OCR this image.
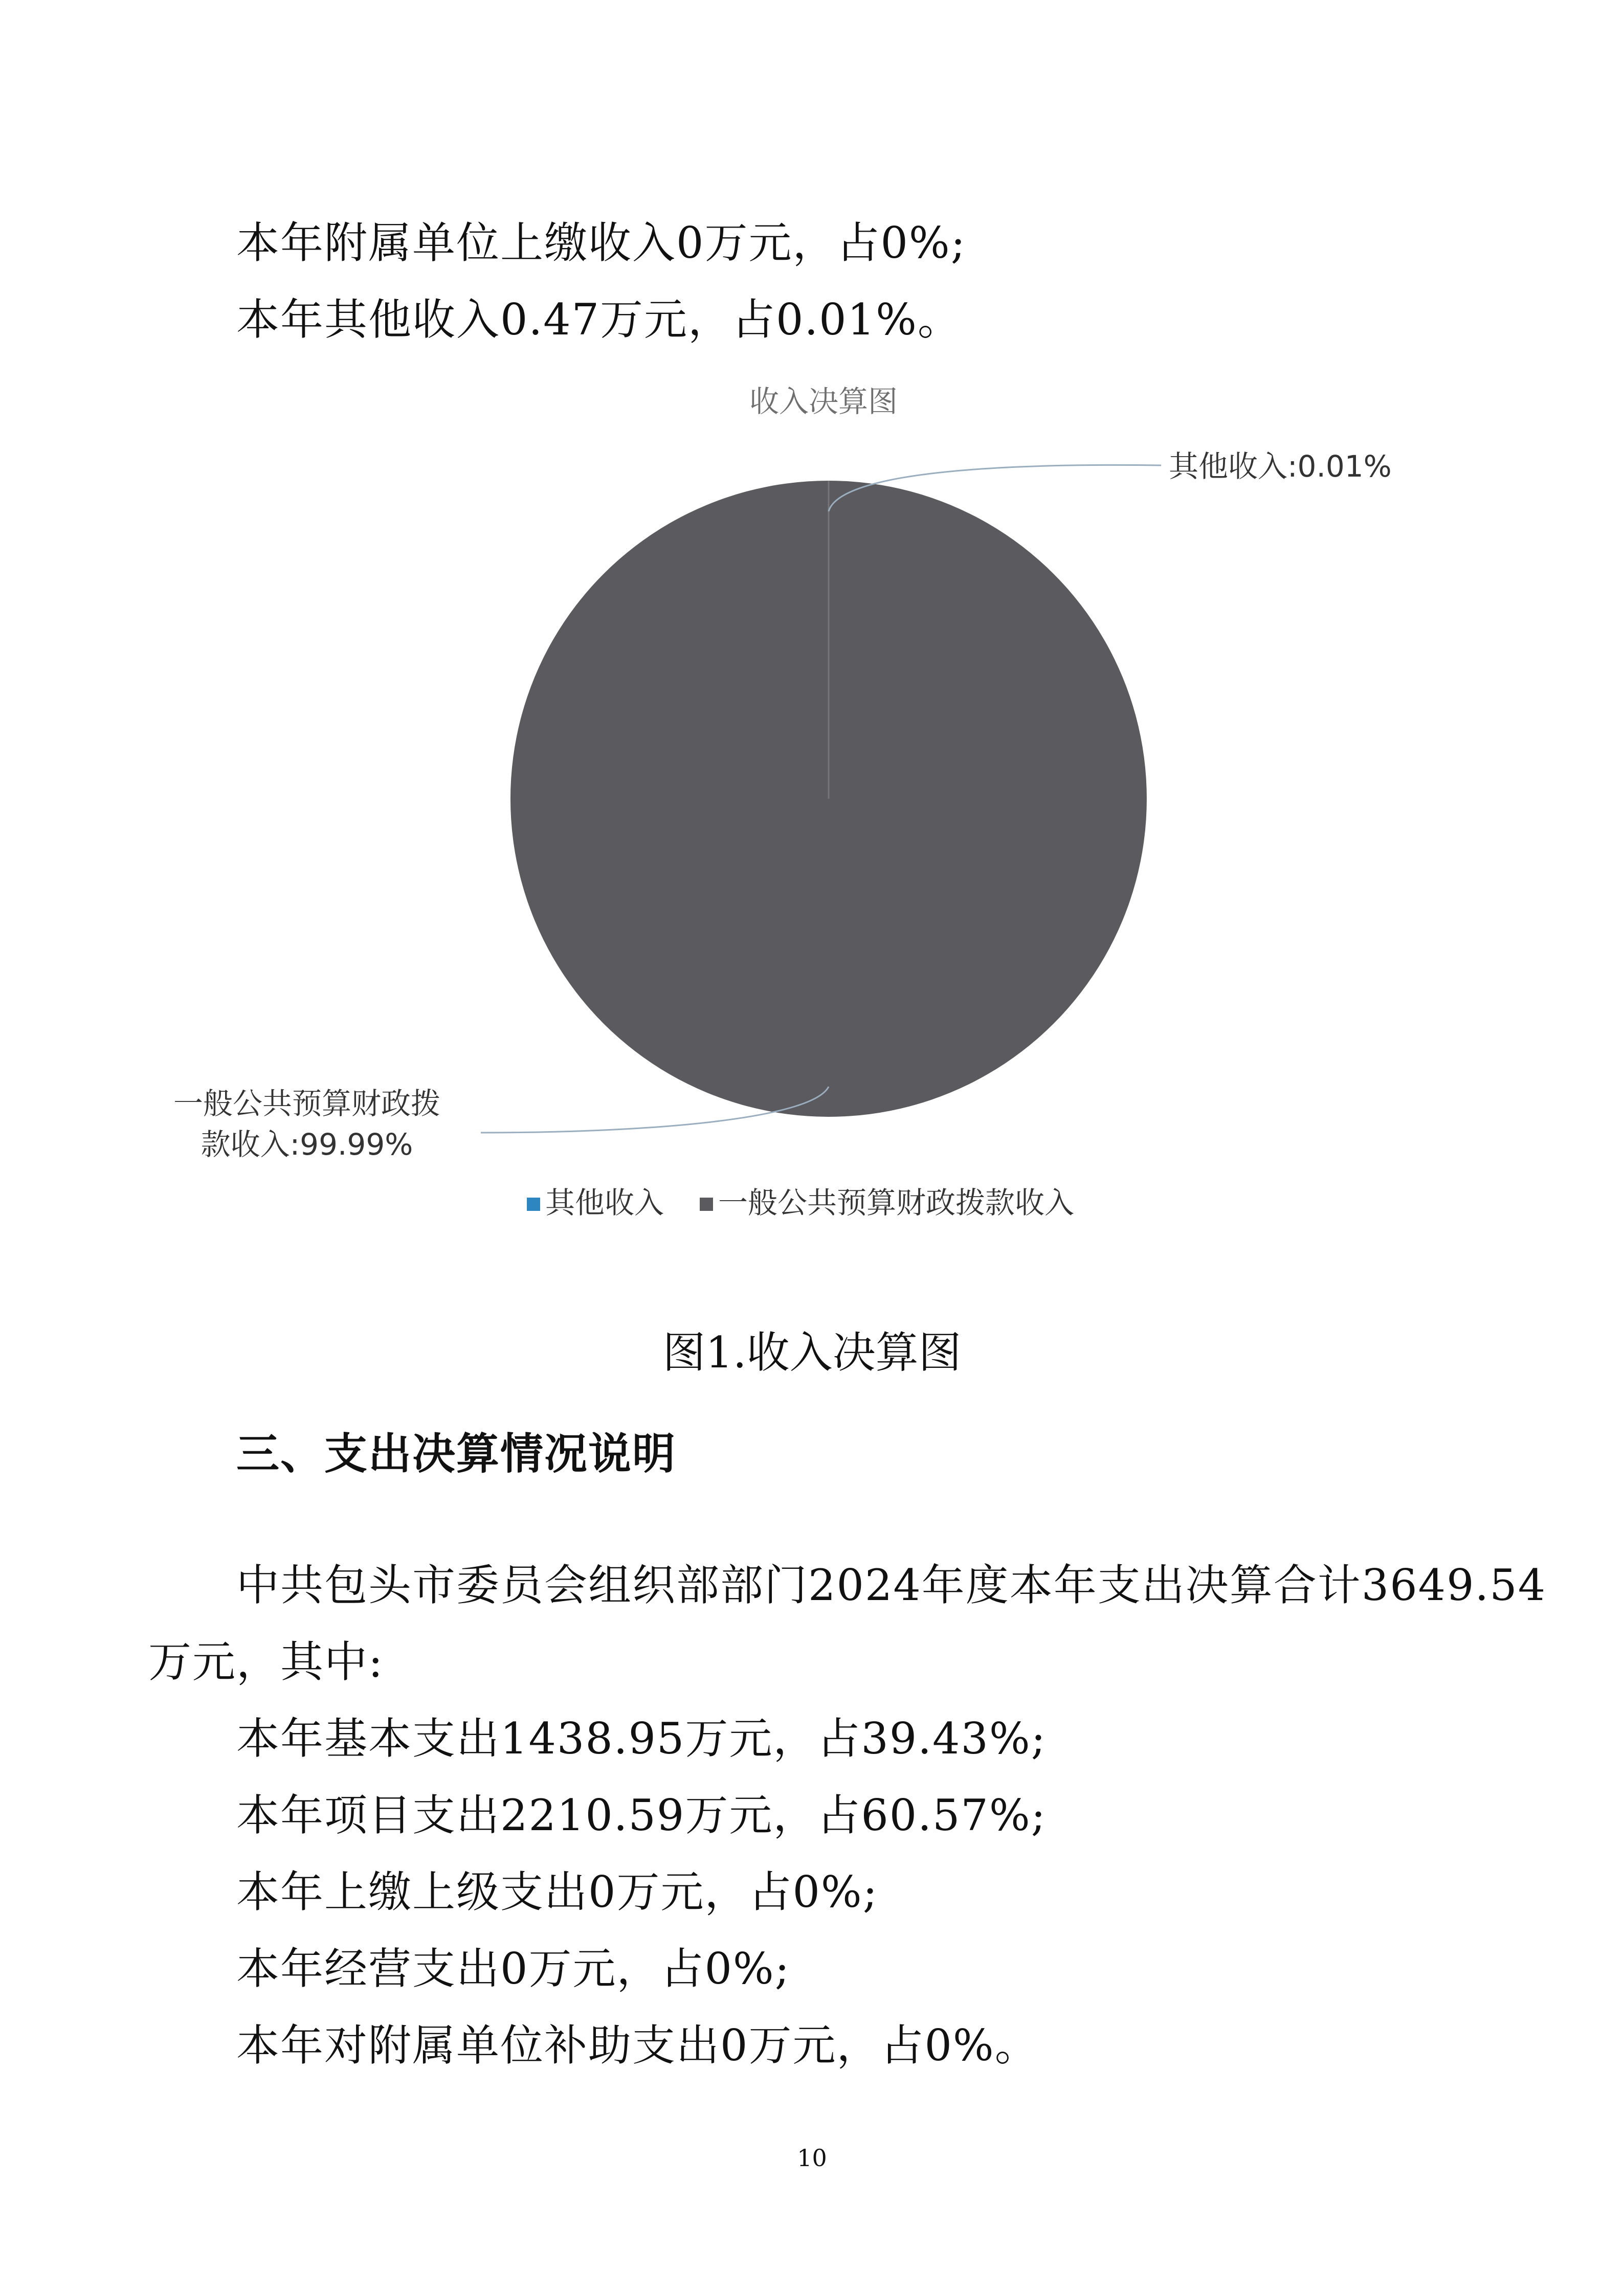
本年附属单位上缴收入0万元，占0%;

本年其他收入0.47万元，占0.01%。

收入决算图
其他收入:0.01%
一般公共预算财政拨
款收入:99.99%
其他收入 一般公共预算财政拨款收入
图1.收入决算图
三、支出决算情况说明

中共包头市委员会组织部部门2024年度本年支出决算合计3649.54

万元，其中:

本年基本支出1438.95万元，占39.43%;

本年项目支出2210.59万元，占60.57%;

本年上缴上级支出0万元，占0%;

本年经营支出0万元，占0%;

本年对附属单位补助支出0万元，占0%。

10
